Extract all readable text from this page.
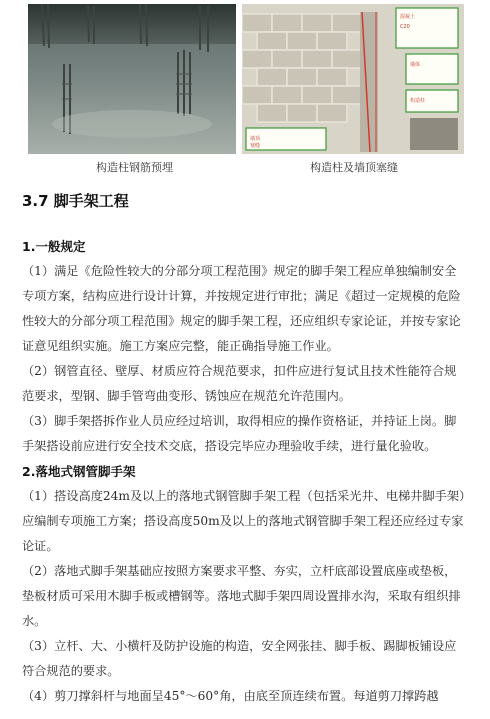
混凝土
C20
墙体
构造柱
墙顶
塞缝
构造柱钢筋预埋	构造柱及墙顶塞缝
3.7 脚手架工程

1.一般规定

（1）满足《危险性较大的分部分项工程范围》规定的脚手架工程应单独编制安全专项方案，结构应进行设计计算，并按规定进行审批；满足《超过一定规模的危险性较大的分部分项工程范围》规定的脚手架工程，还应组织专家论证，并按专家论证意见组织实施。施工方案应完整，能正确指导施工作业。

（2）钢管直径、壁厚、材质应符合规范要求，扣件应进行复试且技术性能符合规范要求，型钢、脚手管弯曲变形、锈蚀应在规范允许范围内。

（3）脚手架搭拆作业人员应经过培训，取得相应的操作资格证，并持证上岗。脚手架搭设前应进行安全技术交底，搭设完毕应办理验收手续，进行量化验收。

2.落地式钢管脚手架

（1）搭设高度24m及以上的落地式钢管脚手架工程（包括采光井、电梯井脚手架）应编制专项施工方案；搭设高度50m及以上的落地式钢管脚手架工程还应经过专家论证。

（2）落地式脚手架基础应按照方案要求平整、夯实，立杆底部设置底座或垫板，垫板材质可采用木脚手板或槽钢等。落地式脚手架四周设置排水沟，采取有组织排水。

（3）立杆、大、小横杆及防护设施的构造，安全网张挂、脚手板、踢脚板铺设应符合规范的要求。

（4）剪刀撑斜杆与地面呈45°～60°角，由底至顶连续布置。每道剪刀撑跨越
